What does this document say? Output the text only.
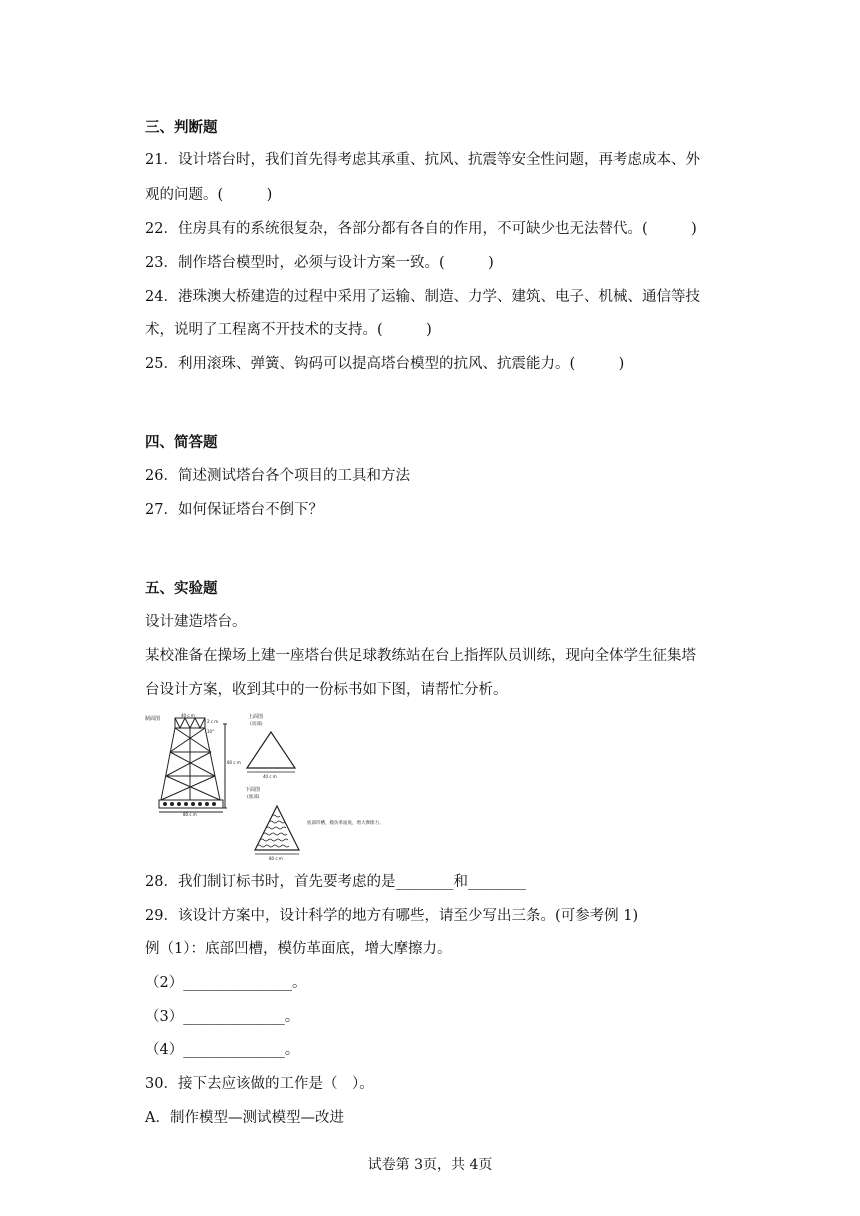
三、判断题
21．设计塔台时，我们首先得考虑其承重、抗风、抗震等安全性问题，再考虑成本、外
观的问题。(　　　)
22．住房具有的系统很复杂，各部分都有各自的作用，不可缺少也无法替代。(　　　)
23．制作塔台模型时，必须与设计方案一致。(　　　)
24．港珠澳大桥建造的过程中采用了运输、制造、力学、建筑、电子、机械、通信等技
术，说明了工程离不开技术的支持。(　　　)
25．利用滚珠、弹簧、钩码可以提高塔台模型的抗风、抗震能力。(　　　)
四、简答题
26．简述测试塔台各个项目的工具和方法
27．如何保证塔台不倒下？
五、实验题
设计建造塔台。
某校准备在操场上建一座塔台供足球教练站在台上指挥队员训练，现向全体学生征集塔
台设计方案，收到其中的一份标书如下图，请帮忙分析。
制面图
40 c m
2 c m
10°
80 c m
80 c m
上面图
(顶部)
40 c m
下面图
(底部)
80 c m
底部凹槽，模仿革面底，增大摩擦力。
28．我们制订标书时，首先要考虑的是________和________
29．该设计方案中，设计科学的地方有哪些，请至少写出三条。(可参考例 1)
例（1）：底部凹槽，模仿革面底，增大摩擦力。
（2）_______________。
（3）______________。
（4）______________。
30．接下去应该做的工作是（　）。
A．制作模型—测试模型—改进
试卷第 3页，共 4页
